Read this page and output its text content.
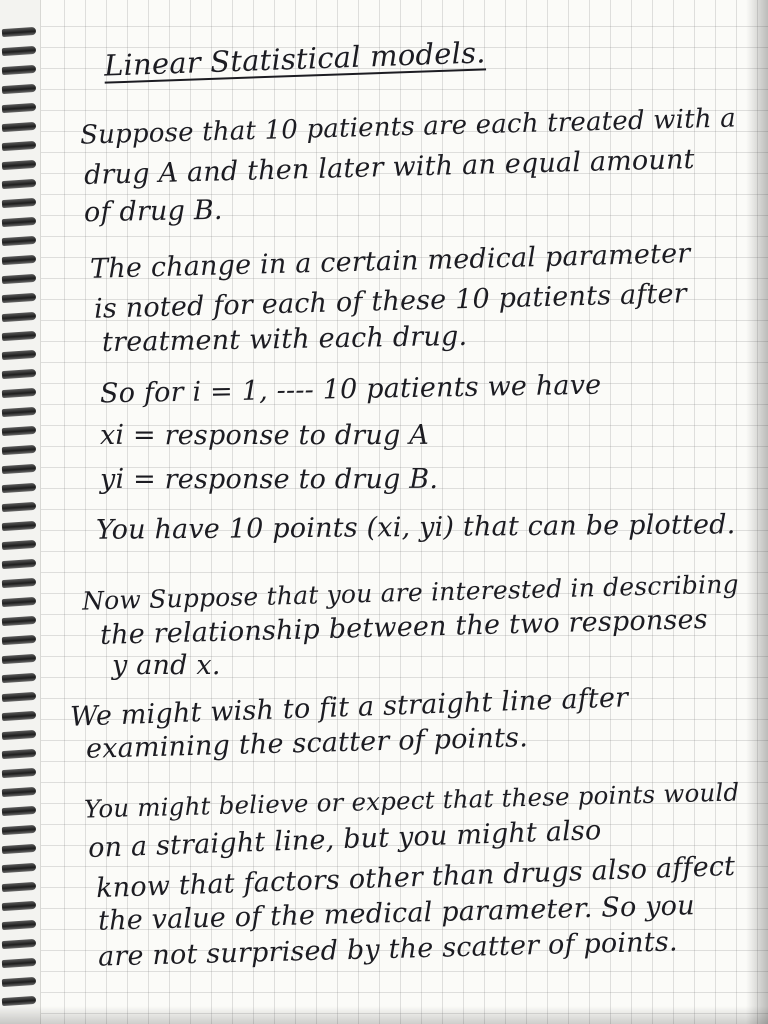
Linear Statistical models.
Suppose that 10 patients are each treated with a
drug A and then later with an equal amount
of drug B.
The change in a certain medical parameter
is noted for each of these 10 patients after
treatment with each drug.
So for i = 1, ---- 10 patients we have
xi = response to drug A
yi = response to drug B.
You have 10 points (xi, yi) that can be plotted.
Now Suppose that you are interested in describing
the relationship between the two responses
y and x.
We might wish to fit a straight line after
examining the scatter of points.
You might believe or expect that these points would
on a straight line, but you might also
know that factors other than drugs also affect
the value of the medical parameter. So you
are not surprised by the scatter of points.
